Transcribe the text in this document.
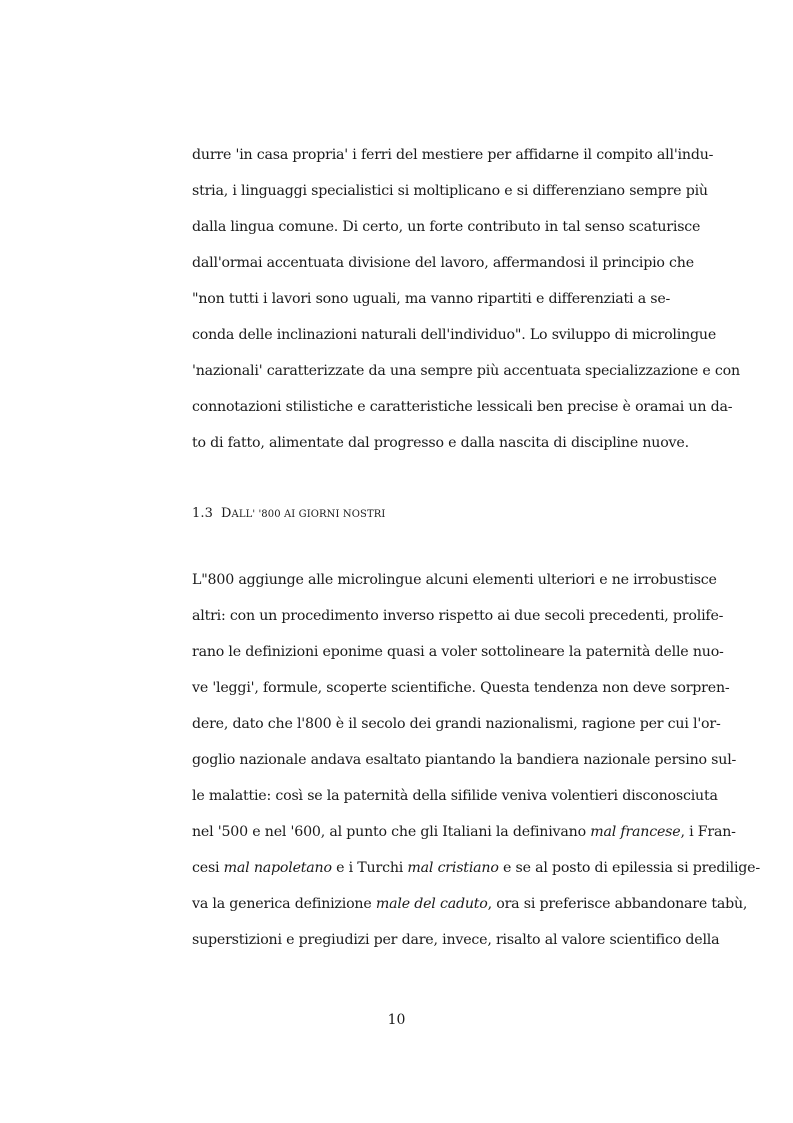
durre 'in casa propria' i ferri del mestiere per affidarne il compito all'indu-
stria, i linguaggi specialistici si moltiplicano e si differenziano sempre più
dalla lingua comune. Di certo, un forte contributo in tal senso scaturisce
dall'ormai accentuata divisione del lavoro, affermandosi il principio che
"non tutti i lavori sono uguali, ma vanno ripartiti e differenziati a se-
conda delle inclinazioni naturali dell'individuo". Lo sviluppo di microlingue
'nazionali' caratterizzate da una sempre più accentuata specializzazione e con
connotazioni stilistiche e caratteristiche lessicali ben precise è oramai un da-
to di fatto, alimentate dal progresso e dalla nascita di discipline nuove.
1.3 DALL' '800 AI GIORNI NOSTRI
L"800 aggiunge alle microlingue alcuni elementi ulteriori e ne irrobustisce
altri: con un procedimento inverso rispetto ai due secoli precedenti, prolife-
rano le definizioni eponime quasi a voler sottolineare la paternità delle nuo-
ve 'leggi', formule, scoperte scientifiche. Questa tendenza non deve sorpren-
dere, dato che l'800 è il secolo dei grandi nazionalismi, ragione per cui l'or-
goglio nazionale andava esaltato piantando la bandiera nazionale persino sul-
le malattie: così se la paternità della sifilide veniva volentieri disconosciuta
nel '500 e nel '600, al punto che gli Italiani la definivano mal francese, i Fran-
cesi mal napoletano e i Turchi mal cristiano e se al posto di epilessia si predilige-
va la generica definizione male del caduto, ora si preferisce abbandonare tabù,
superstizioni e pregiudizi per dare, invece, risalto al valore scientifico della
10
